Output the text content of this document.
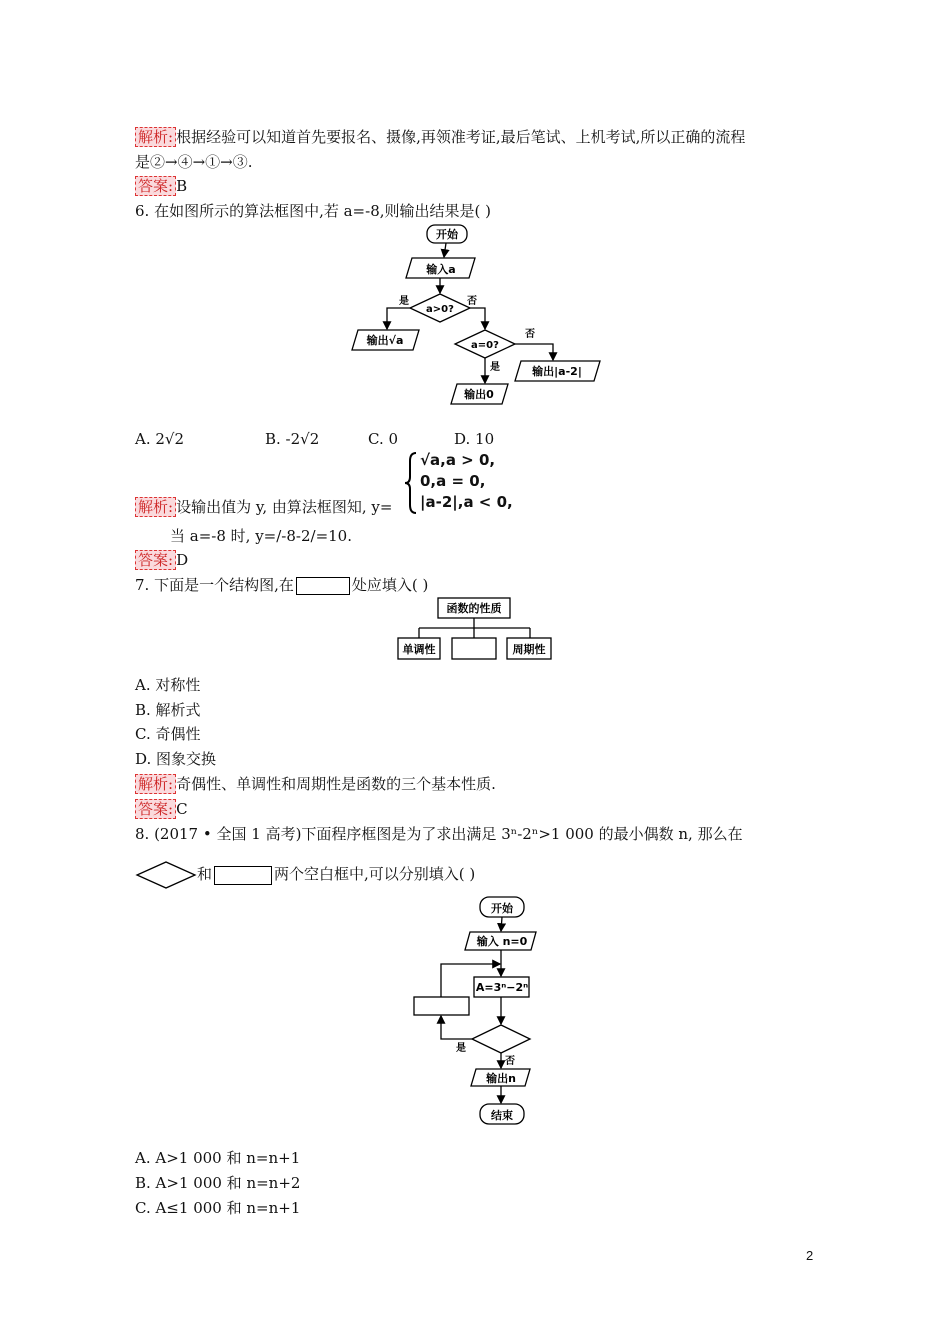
解析: 根据经验可以知道首先要报名、摄像,再领准考证,最后笔试、上机考试,所以正确的流程
是②→④→①→③.
答案: B
6. 在如图所示的算法框图中,若 a=-8,则输出结果是( )
开始
输入a
a>0?
是	否
输出√a	a=0?
否
输出|a-2|
是
输出0
A. 2√2	B. -2√2	C. 0	D. 10
√a,a > 0,
0,a = 0,
|a-2|,a < 0,
解析: 设输出值为 y, 由算法框图知, y=
当 a=-8 时, y=/-8-2/=10.
答案: D
7. 下面是一个结构图,在	处应填入( )
函数的性质
单调性	周期性
A. 对称性
B. 解析式
C. 奇偶性
D. 图象交换
解析: 奇偶性、单调性和周期性是函数的三个基本性质.
答案: C
8. (2017 • 全国 1 高考)下面程序框图是为了求出满足 3ⁿ-2ⁿ>1 000 的最小偶数 n, 那么在
和	两个空白框中,可以分别填入( )
开始
输入 n=0
A=3ⁿ−2ⁿ
是
否
输出n
结束
A. A>1 000 和 n=n+1
B. A>1 000 和 n=n+2
C. A≤1 000 和 n=n+1
2
